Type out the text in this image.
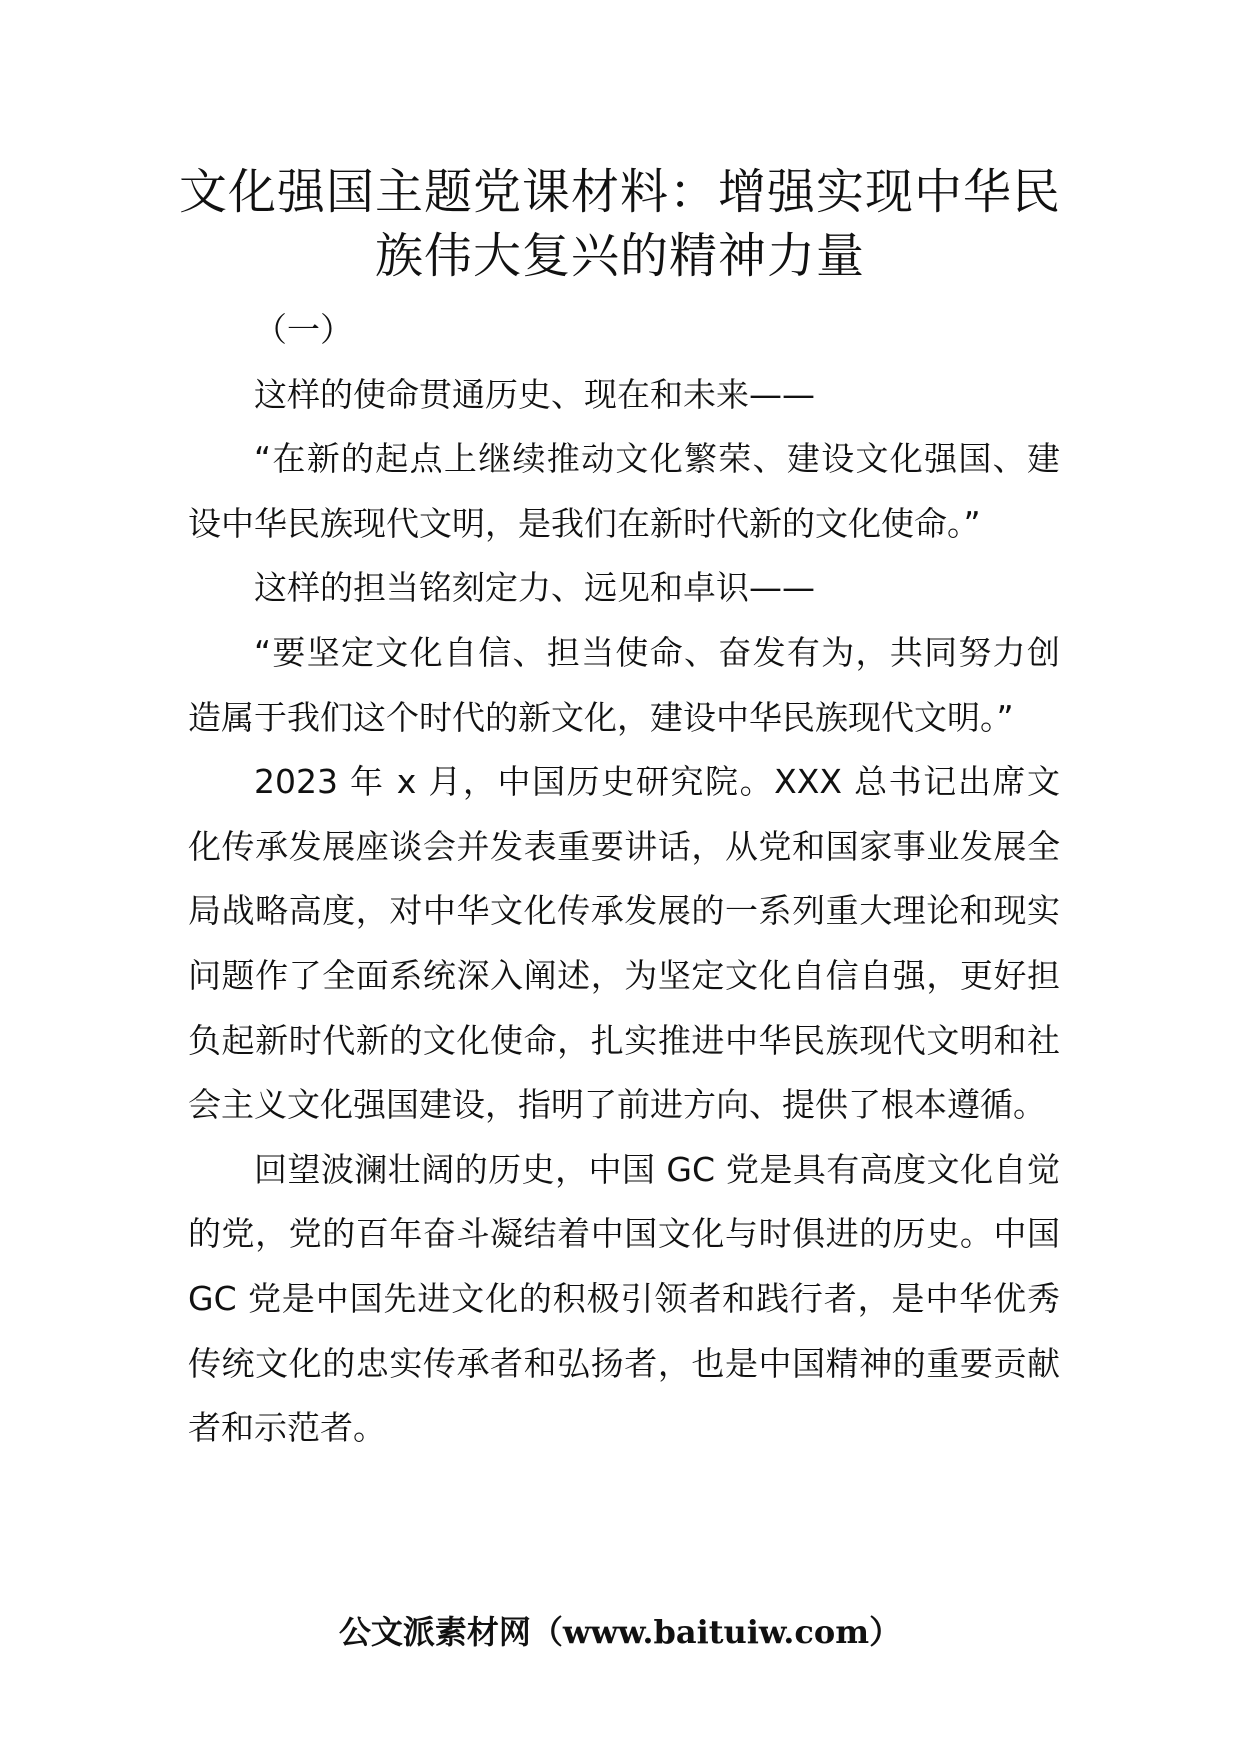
文化强国主题党课材料：增强实现中华民
族伟大复兴的精神力量

（一）

这样的使命贯通历史、现在和未来——

“在新的起点上继续推动文化繁荣、建设文化强国、建设中华民族现代文明，是我们在新时代新的文化使命。”

这样的担当铭刻定力、远见和卓识——

“要坚定文化自信、担当使命、奋发有为，共同努力创造属于我们这个时代的新文化，建设中华民族现代文明。”

2023 年 x 月，中国历史研究院。XXX 总书记出席文化传承发展座谈会并发表重要讲话，从党和国家事业发展全局战略高度，对中华文化传承发展的一系列重大理论和现实问题作了全面系统深入阐述，为坚定文化自信自强，更好担负起新时代新的文化使命，扎实推进中华民族现代文明和社会主义文化强国建设，指明了前进方向、提供了根本遵循。

回望波澜壮阔的历史，中国 GC 党是具有高度文化自觉的党，党的百年奋斗凝结着中国文化与时俱进的历史。中国 GC 党是中国先进文化的积极引领者和践行者，是中华优秀传统文化的忠实传承者和弘扬者，也是中国精神的重要贡献者和示范者。

公文派素材网（www.baituiw.com）
